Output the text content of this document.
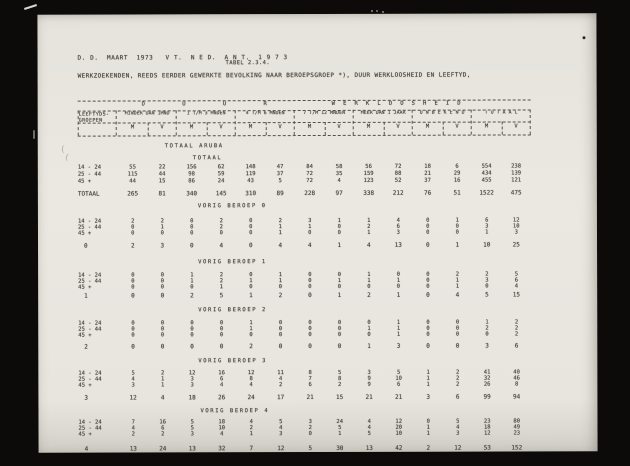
D. D.  MAART  1973 V T.  N E D.  A N T.  1 9 7 3
TABEL 2.3.4.
WERKZOEKENDEN, REEDS EERDER GEWERKTE BEVOLKING NAAR BEROEPSGROEP *), DUUR WERKLOOSHEID EN LEEFTYD,
D U U R	W E R K L O O S H E I D
LEEFTYDS-
GROEPEN
MINDER DAN 1MND	1 T/M 3 MNDEN	4 T/M 6 MNDEN	7 T/M 12 MNDEN	MEER DAN 1 JAAR	O N B E K E N D	T O T A A L
M	V	M	V	M	V	M	V	M	V	M	V	M	V
TOTAAL ARUBA
TOTAAL
14 - 24	55	22	156	62	148	47	84	58	56	72	18	6	554	238
25 - 44	115	44	98	59	119	37	72	35	159	88	21	29	434	139
45 +	44	15	86	24	43	5	72	4	123	52	37	16	455	121
TOTAAL	265	81	340	145	310	89	228	97	338	212	76	51	1522	475
VORIG BEROEP 0
14 - 24	2	2	0	2	0	2	3	1	1	4	0	1	6	12
25 - 44	0	1	0	2	0	1	1	0	2	6	0	0	3	10
45 +	0	0	0	0	0	1	0	0	1	3	0	0	1	3
0	2	3	0	4	0	4	4	1	4	13	0	1	10	25
VORIG BEROEP 1
14 - 24	0	0	1	2	0	1	0	0	1	0	0	2	2	5
25 - 44	0	0	1	2	1	1	0	1	1	1	0	1	3	6
45 +	0	0	0	1	0	0	0	0	0	0	0	1	0	4
1	0	0	2	5	1	2	0	1	2	1	0	4	5	15
VORIG BEROEP 2
14 - 24	0	0	0	0	1	0	0	0	0	1	0	0	1	2
25 - 44	0	0	0	0	1	0	0	0	1	1	0	0	2	2
45 +	0	0	0	0	0	0	0	0	0	1	0	0	0	2
2	0	0	0	0	2	0	0	0	1	3	0	0	3	6
VORIG BEROEP 3
14 - 24	5	2	12	16	12	11	8	5	3	5	1	2	41	40
25 - 44	4	1	3	6	8	4	7	8	9	10	1	2	32	46
45 +	3	1	3	4	4	2	6	2	9	6	1	2	26	8
3	12	4	18	26	24	17	21	15	21	21	3	6	99	94
VORIG BEROEP 4
14 - 24	7	16	5	18	4	5	3	24	4	12	0	5	23	80
25 - 44	4	6	5	10	2	4	2	5	4	20	1	4	18	49
45 +	2	2	3	4	1	3	0	1	5	10	1	3	12	23
4	13	24	13	32	7	12	5	30	13	42	2	12	53	152
